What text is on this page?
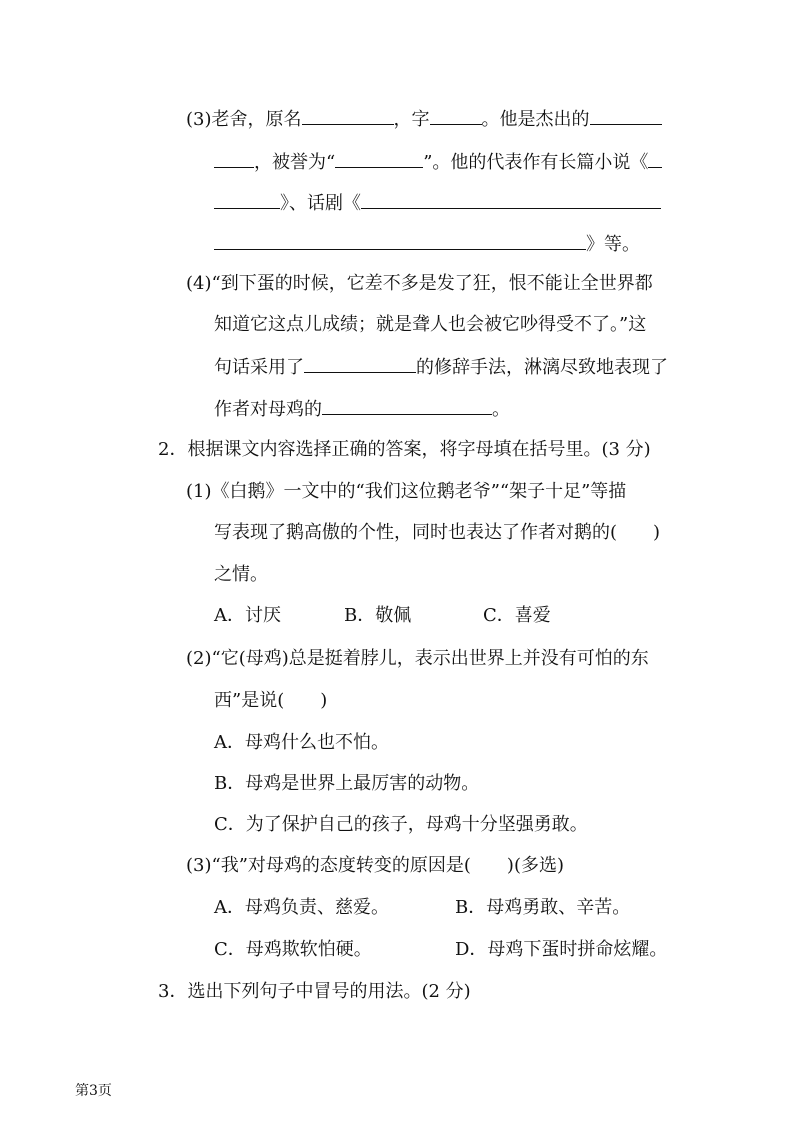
(3)老舍，原名	，字	。他是杰出的
，被誉为“	”。他的代表作有长篇小说《
》、话剧《
》等。
(4)“到下蛋的时候，它差不多是发了狂，恨不能让全世界都
知道它这点儿成绩；就是聋人也会被它吵得受不了。”这
句话采用了	的修辞手法，淋漓尽致地表现了
作者对母鸡的	。
2．根据课文内容选择正确的答案，将字母填在括号里。(3 分)
(1)《白鹅》一文中的“我们这位鹅老爷”“架子十足”等描
写表现了鹅高傲的个性，同时也表达了作者对鹅的(　　)
之情。
A．讨厌	B．敬佩	C．喜爱
(2)“它(母鸡)总是挺着脖儿，表示出世界上并没有可怕的东
西”是说(　　)
A．母鸡什么也不怕。
B．母鸡是世界上最厉害的动物。
C．为了保护自己的孩子，母鸡十分坚强勇敢。
(3)“我”对母鸡的态度转变的原因是(　　)(多选)
A．母鸡负责、慈爱。	B．母鸡勇敢、辛苦。
C．母鸡欺软怕硬。	D．母鸡下蛋时拼命炫耀。
3．选出下列句子中冒号的用法。(2 分)
第3页
